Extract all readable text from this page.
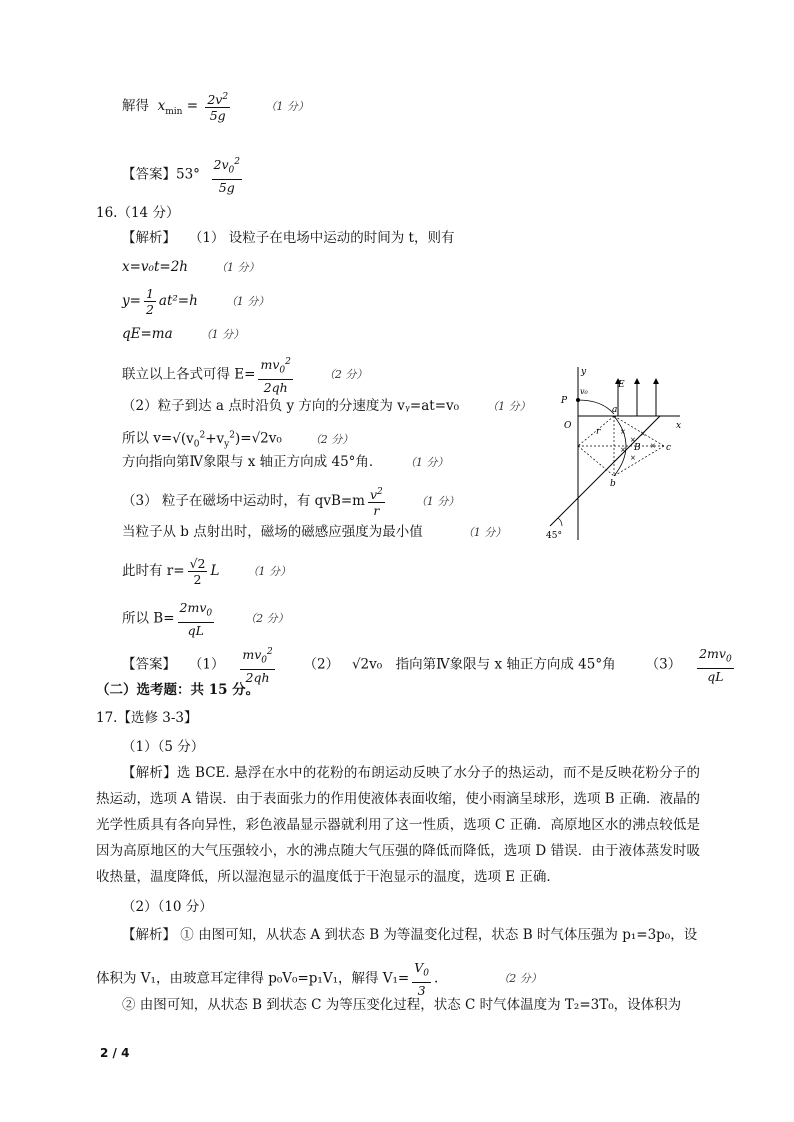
解得 $x_{min} = \frac{2v^2}{5g}$	（1 分）
【答案】$53^\circ \frac{2v_0^2}{5g}$
16.（14 分）
【解析】 （1） 设粒子在电场中运动的时间为 t，则有
x=v₀t=2h	（1 分）
$y= \frac{1}{2} at^2=h$	（1 分）
qE=ma	（1 分）
联立以上各式可得 $E= \frac{mv_0^2}{2qh}$	（2 分）
（2）粒子到达 a 点时沿负 y 方向的分速度为 vᵧ=at=v₀	（1 分）
所以 $v=√(v_0^2+v_y^2)=√2v_0$	（2 分）
方向指向第Ⅳ象限与 x 轴正方向成 45°角．	（1 分）
（3） 粒子在磁场中运动时，有 $qvB=m \frac{v^2}{r}$	（1 分）
当粒子从 b 点射出时，磁场的磁感应强度为最小值	（1 分）
此时有 $r= \frac{√2}{2}$ L	（1 分）
所以 $B= \frac{2mv_0}{qL}$	（2 分）
【答案】 $(1) \frac{mv_0^2}{2qh} (2)$ √2v₀　指向第Ⅳ象限与 x 轴正方向成 45°角 $(3) \frac{2mv_0}{qL}$
y
x
O
P
v₀
E
a
r
B	c
×
×
×
×
×
×
b
45°
（二）选考题：共 15 分。
17.【选修 3-3】
（1）（5 分）
【解析】选 BCE. 悬浮在水中的花粉的布朗运动反映了水分子的热运动，而不是反映花粉分子的热运动，选项 A 错误．由于表面张力的作用使液体表面收缩，使小雨滴呈球形，选项 B 正确．液晶的光学性质具有各向异性，彩色液晶显示器就利用了这一性质，选项 C 正确．高原地区水的沸点较低是因为高原地区的大气压强较小，水的沸点随大气压强的降低而降低，选项 D 错误．由于液体蒸发时吸收热量，温度降低，所以湿泡显示的温度低于干泡显示的温度，选项 E 正确．
（2）（10 分）
【解析】 ① 由图可知，从状态 A 到状态 B 为等温变化过程，状态 B 时气体压强为 p₁=3p₀，设
体积为 V₁，由玻意耳定律得 p₀V₀=p₁V₁，解得 $V_1= \frac{V_0}{3}$ .	（2 分）
② 由图可知，从状态 B 到状态 C 为等压变化过程，状态 C 时气体温度为 T₂=3T₀，设体积为
2 / 4
